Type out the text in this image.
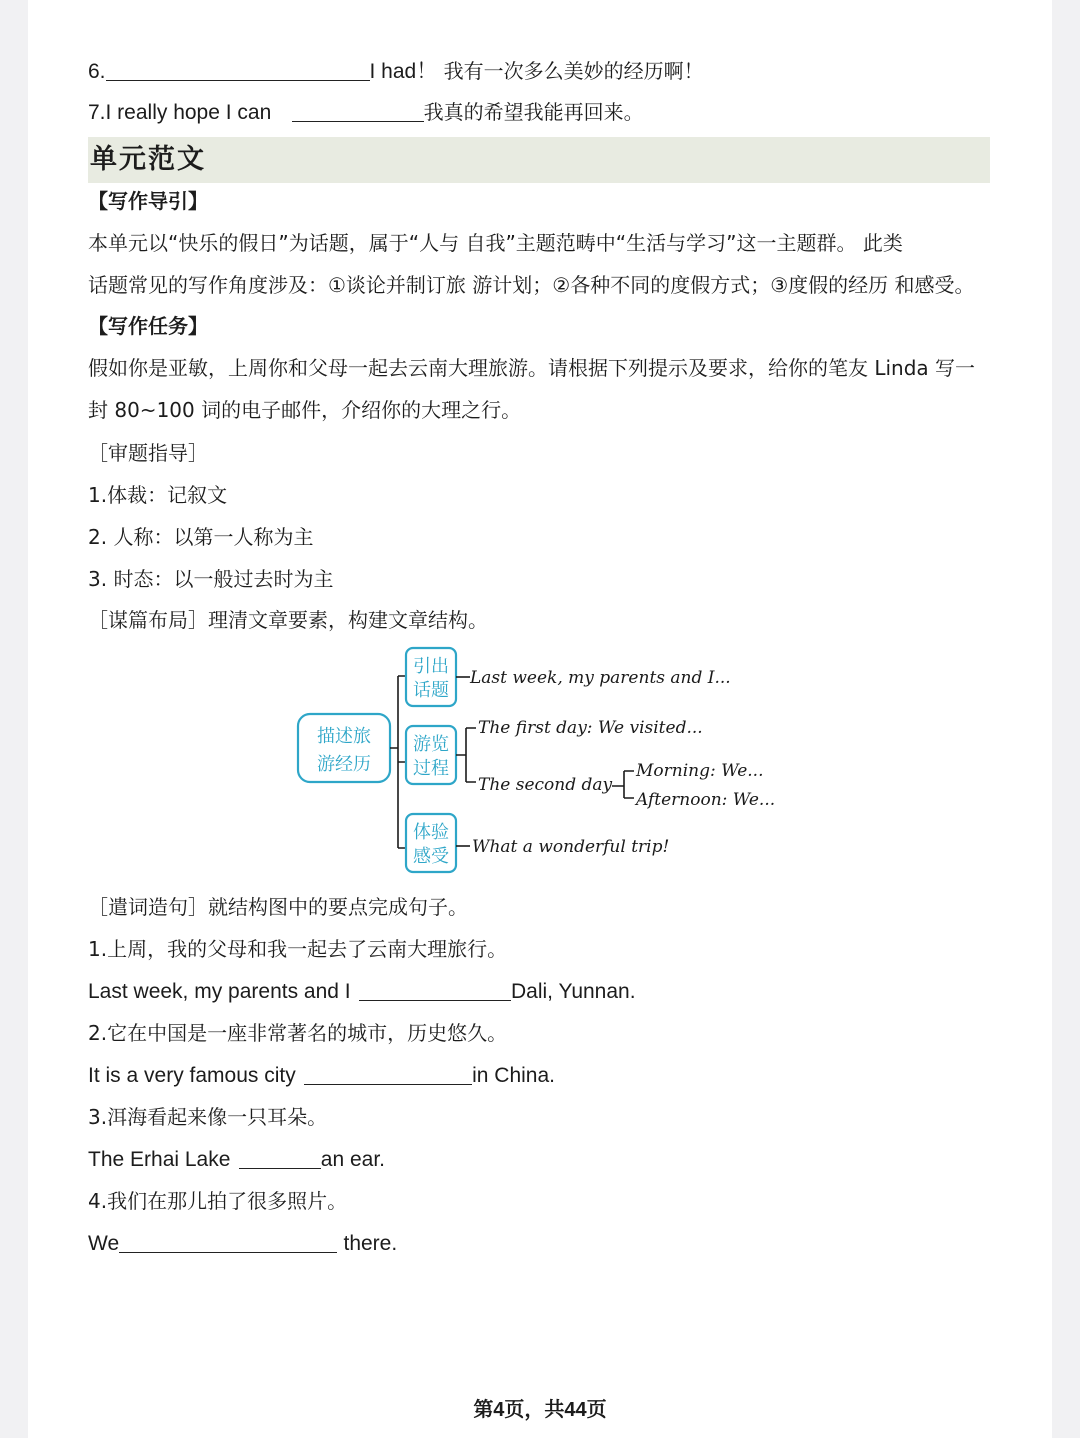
6.	I had！ 我有一次多么美妙的经历啊！
7.I really hope I can	我真的希望我能再回来。
单元范文
【写作导引】
本单元以“快乐的假日”为话题，属于“人与 自我”主题范畴中“生活与学习”这一主题群。 此类
话题常见的写作角度涉及：①谈论并制订旅 游计划；②各种不同的度假方式；③度假的经历 和感受。
【写作任务】
假如你是亚敏，上周你和父母一起去云南大理旅游。请根据下列提示及要求，给你的笔友 Linda 写一
封 80~100 词的电子邮件，介绍你的大理之行。
［审题指导］
1.体裁：记叙文
2. 人称：以第一人称为主
3. 时态：以一般过去时为主
［谋篇布局］理清文章要素，构建文章结构。
描述旅
游经历
引出
话题
游览
过程
体验
感受
Last week, my parents and I...
The first day: We visited...
The second day
Morning: We...
Afternoon: We...
What a wonderful trip!
［遣词造句］就结构图中的要点完成句子。
1.上周，我的父母和我一起去了云南大理旅行。
Last week, my parents and I	Dali, Yunnan.
2.它在中国是一座非常著名的城市，历史悠久。
It is a very famous city	in China.
3.洱海看起来像一只耳朵。
The Erhai Lake	an ear.
4.我们在那儿拍了很多照片。
We	there.
第4页，共44页
